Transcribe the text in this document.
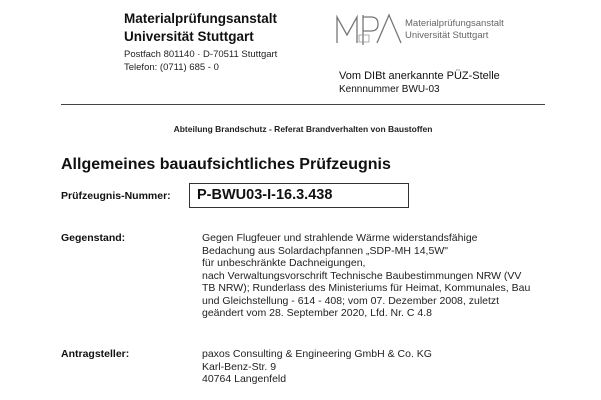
Materialprüfungsanstalt
Universität Stuttgart
Postfach 801140 · D-70511 Stuttgart
Telefon: (0711) 685 - 0
Materialprüfungsanstalt
Universität Stuttgart
Vom DIBt anerkannte PÜZ-Stelle
Kennnummer BWU-03
Abteilung Brandschutz - Referat Brandverhalten von Baustoffen
Allgemeines bauaufsichtliches Prüfzeugnis
Prüfzeugnis-Nummer:	P-BWU03-I-16.3.438
Gegenstand:	Gegen Flugfeuer und strahlende Wärme widerstandsfähige
Bedachung aus Solardachpfannen „SDP-MH 14,5W"
für unbeschränkte Dachneigungen,
nach Verwaltungsvorschrift Technische Baubestimmungen NRW (VV
TB NRW); Runderlass des Ministeriums für Heimat, Kommunales, Bau
und Gleichstellung - 614 - 408; vom 07. Dezember 2008, zuletzt
geändert vom 28. September 2020, Lfd. Nr. C 4.8
Antragsteller:	paxos Consulting & Engineering GmbH & Co. KG
Karl-Benz-Str. 9
40764 Langenfeld
